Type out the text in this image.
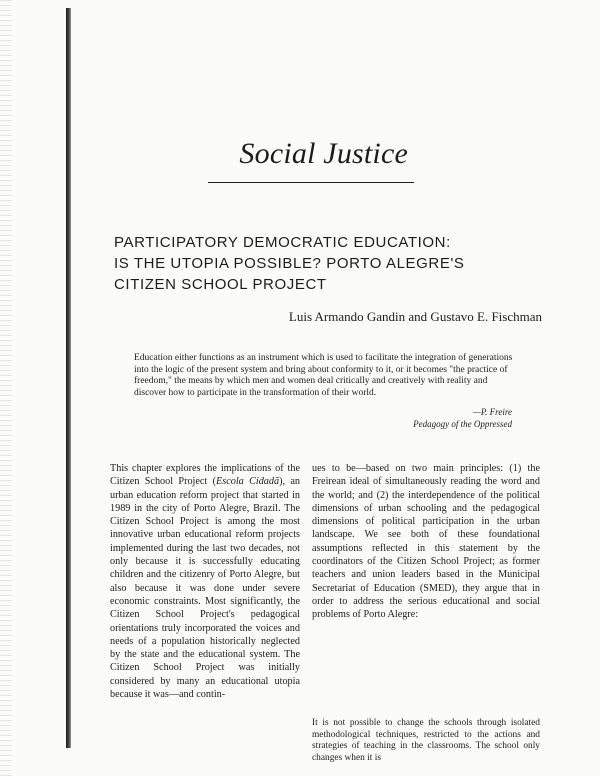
Social Justice
PARTICIPATORY DEMOCRATIC EDUCATION:
IS THE UTOPIA POSSIBLE? PORTO ALEGRE'S
CITIZEN SCHOOL PROJECT

Luis Armando Gandin and Gustavo E. Fischman

Education either functions as an instrument which is used to facilitate the integration of generations into the logic of the present system and bring about conformity to it, or it becomes "the practice of freedom," the means by which men and women deal critically and creatively with reality and discover how to participate in the transformation of their world.

—P. Freire
Pedagogy of the Oppressed

This chapter explores the implications of the Citizen School Project (Escola Cidadã), an urban education reform project that started in 1989 in the city of Porto Alegre, Brazil. The Citizen School Project is among the most innovative urban educational reform projects implemented during the last two decades, not only because it is successfully educating children and the citizenry of Porto Alegre, but also because it was done under severe economic constraints. Most significantly, the Citizen School Project's pedagogical orientations truly incorporated the voices and needs of a population historically neglected by the state and the educational system. The Citizen School Project was initially considered by many an educational utopia because it was—and contin-

ues to be—based on two main principles: (1) the Freirean ideal of simultaneously reading the word and the world; and (2) the interdependence of the political dimensions of urban schooling and the pedagogical dimensions of political participation in the urban landscape. We see both of these foundational assumptions reflected in this statement by the coordinators of the Citizen School Project; as former teachers and union leaders based in the Municipal Secretariat of Education (SMED), they argue that in order to address the serious educational and social problems of Porto Alegre:

It is not possible to change the schools through isolated methodological techniques, restricted to the actions and strategies of teaching in the classrooms. The school only changes when it is
